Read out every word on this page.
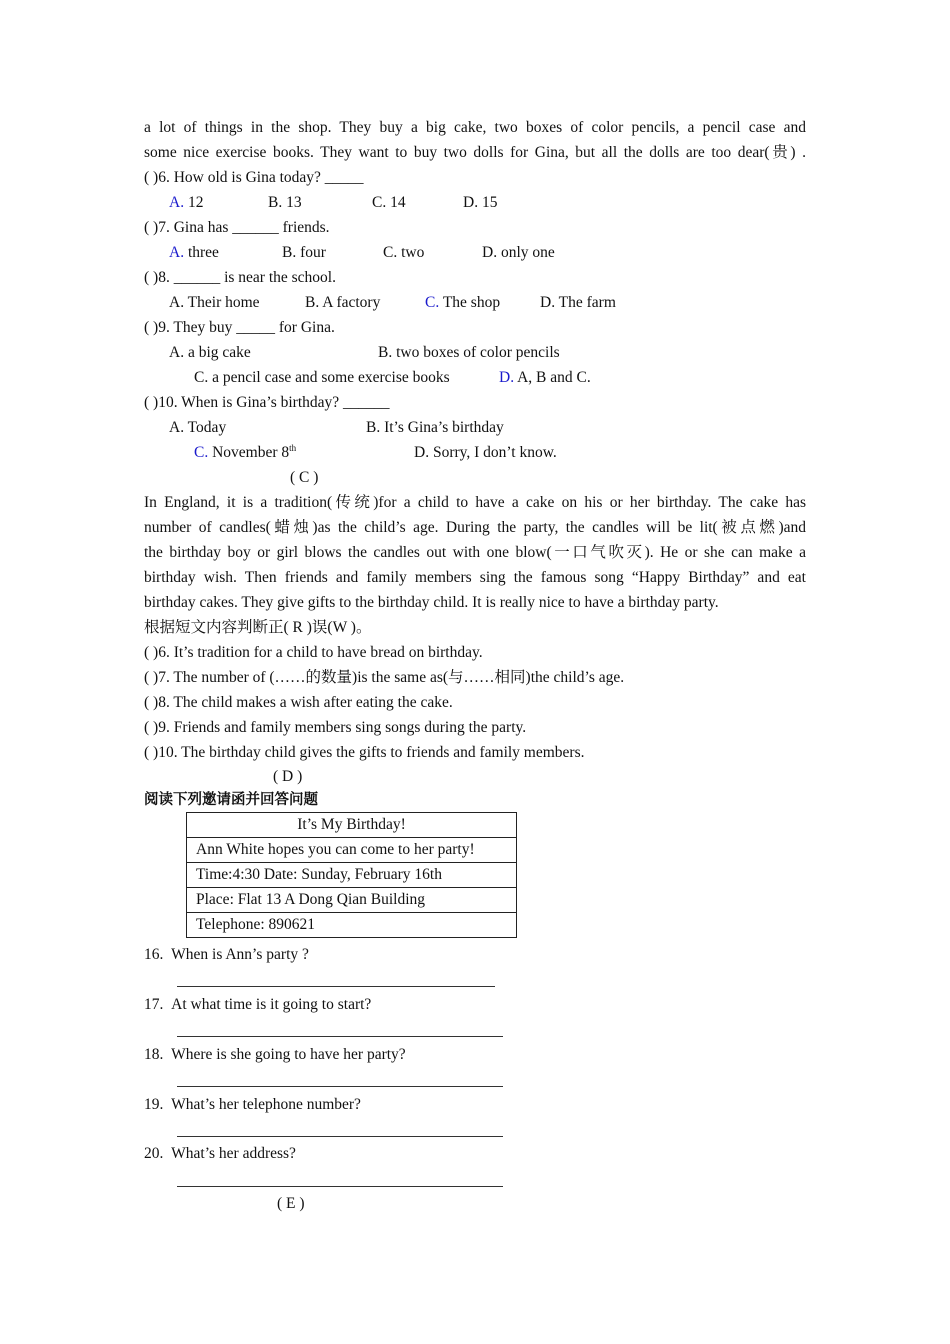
a lot of things in the shop. They buy a big cake, two boxes of color pencils, a pencil case and
some nice exercise books. They want to buy two dolls for Gina, but all the dolls are too dear(贵) .
( )6. How old is Gina today? _____
A. 12	B. 13	C. 14	D. 15
( )7. Gina has ______ friends.
A. three	B. four	C. two	D. only one
( )8. ______ is near the school.
A. Their home	B. A factory	C. The shop	D. The farm
( )9. They buy _____ for Gina.
A. a big cake	B. two boxes of color pencils
C. a pencil case and some exercise books	D. A, B and C.
( )10. When is Gina’s birthday? ______
A. Today	B. It’s Gina’s birthday
C. November 8th	D. Sorry, I don’t know.
( C )
In England, it is a tradition(传统)for a child to have a cake on his or her birthday. The cake has
number of candles(蜡烛)as the child’s age. During the party, the candles will be lit(被点燃)and
the birthday boy or girl blows the candles out with one blow(一口气吹灭). He or she can make a
birthday wish. Then friends and family members sing the famous song “Happy Birthday” and eat
birthday cakes. They give gifts to the birthday child. It is really nice to have a birthday party.
根据短文内容判断正( R )误(W )。
( )6. It’s tradition for a child to have bread on birthday.
( )7. The number of (……的数量)is the same as(与……相同)the child’s age.
( )8. The child makes a wish after eating the cake.
( )9. Friends and family members sing songs during the party.
( )10. The birthday child gives the gifts to friends and family members.
( D )
阅读下列邀请函并回答问题
It’s My Birthday!
Ann White hopes you can come to her party!
Time:4:30 Date: Sunday, February 16th
Place: Flat 13 A Dong Qian Building
Telephone: 890621
16. When is Ann’s party ?
17. At what time is it going to start?
18. Where is she going to have her party?
19. What’s her telephone number?
20. What’s her address?
( E )
